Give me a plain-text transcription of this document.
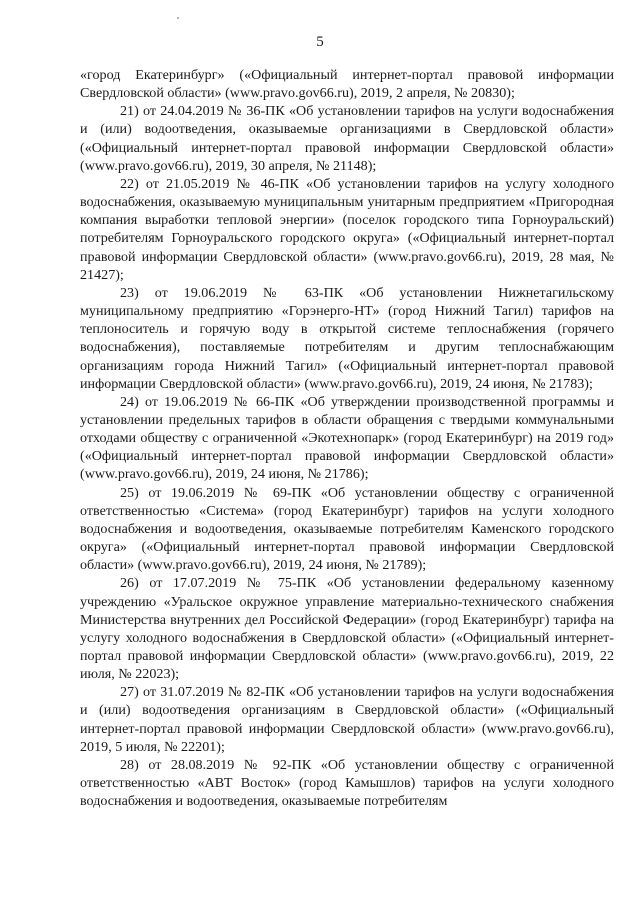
5

«город Екатеринбург» («Официальный интернет-портал правовой информации Свердловской области» (www.pravo.gov66.ru), 2019, 2 апреля, № 20830);

21) от 24.04.2019 № 36-ПК «Об установлении тарифов на услуги водоснабжения и (или) водоотведения, оказываемые организациями в Свердловской области» («Официальный интернет-портал правовой информации Свердловской области» (www.pravo.gov66.ru), 2019, 30 апреля, № 21148);

22) от 21.05.2019 № 46-ПК «Об установлении тарифов на услугу холодного водоснабжения, оказываемую муниципальным унитарным предприятием «Пригородная компания выработки тепловой энергии» (поселок городского типа Горноуральский) потребителям Горноуральского городского округа» («Официальный интернет-портал правовой информации Свердловской области» (www.pravo.gov66.ru), 2019, 28 мая, № 21427);

23) от 19.06.2019 № 63-ПК «Об установлении Нижнетагильскому муниципальному предприятию «Горэнерго-НТ» (город Нижний Тагил) тарифов на теплоноситель и горячую воду в открытой системе теплоснабжения (горячего водоснабжения), поставляемые потребителям и другим теплоснабжающим организациям города Нижний Тагил» («Официальный интернет-портал правовой информации Свердловской области» (www.pravo.gov66.ru), 2019, 24 июня, № 21783);

24) от 19.06.2019 № 66-ПК «Об утверждении производственной программы и установлении предельных тарифов в области обращения с твердыми коммунальными отходами обществу с ограниченной «Экотехнопарк» (город Екатеринбург) на 2019 год» («Официальный интернет-портал правовой информации Свердловской области» (www.pravo.gov66.ru), 2019, 24 июня, № 21786);

25) от 19.06.2019 № 69-ПК «Об установлении обществу с ограниченной ответственностью «Система» (город Екатеринбург) тарифов на услуги холодного водоснабжения и водоотведения, оказываемые потребителям Каменского городского округа» («Официальный интернет-портал правовой информации Свердловской области» (www.pravo.gov66.ru), 2019, 24 июня, № 21789);

26) от 17.07.2019 № 75-ПК «Об установлении федеральному казенному учреждению «Уральское окружное управление материально-технического снабжения Министерства внутренних дел Российской Федерации» (город Екатеринбург) тарифа на услугу холодного водоснабжения в Свердловской области» («Официальный интернет-портал правовой информации Свердловской области» (www.pravo.gov66.ru), 2019, 22 июля, № 22023);

27) от 31.07.2019 № 82-ПК «Об установлении тарифов на услуги водоснабжения и (или) водоотведения организациям в Свердловской области» («Официальный интернет-портал правовой информации Свердловской области» (www.pravo.gov66.ru), 2019, 5 июля, № 22201);

28) от 28.08.2019 № 92-ПК «Об установлении обществу с ограниченной ответственностью «АВТ Восток» (город Камышлов) тарифов на услуги холодного водоснабжения и водоотведения, оказываемые потребителям
